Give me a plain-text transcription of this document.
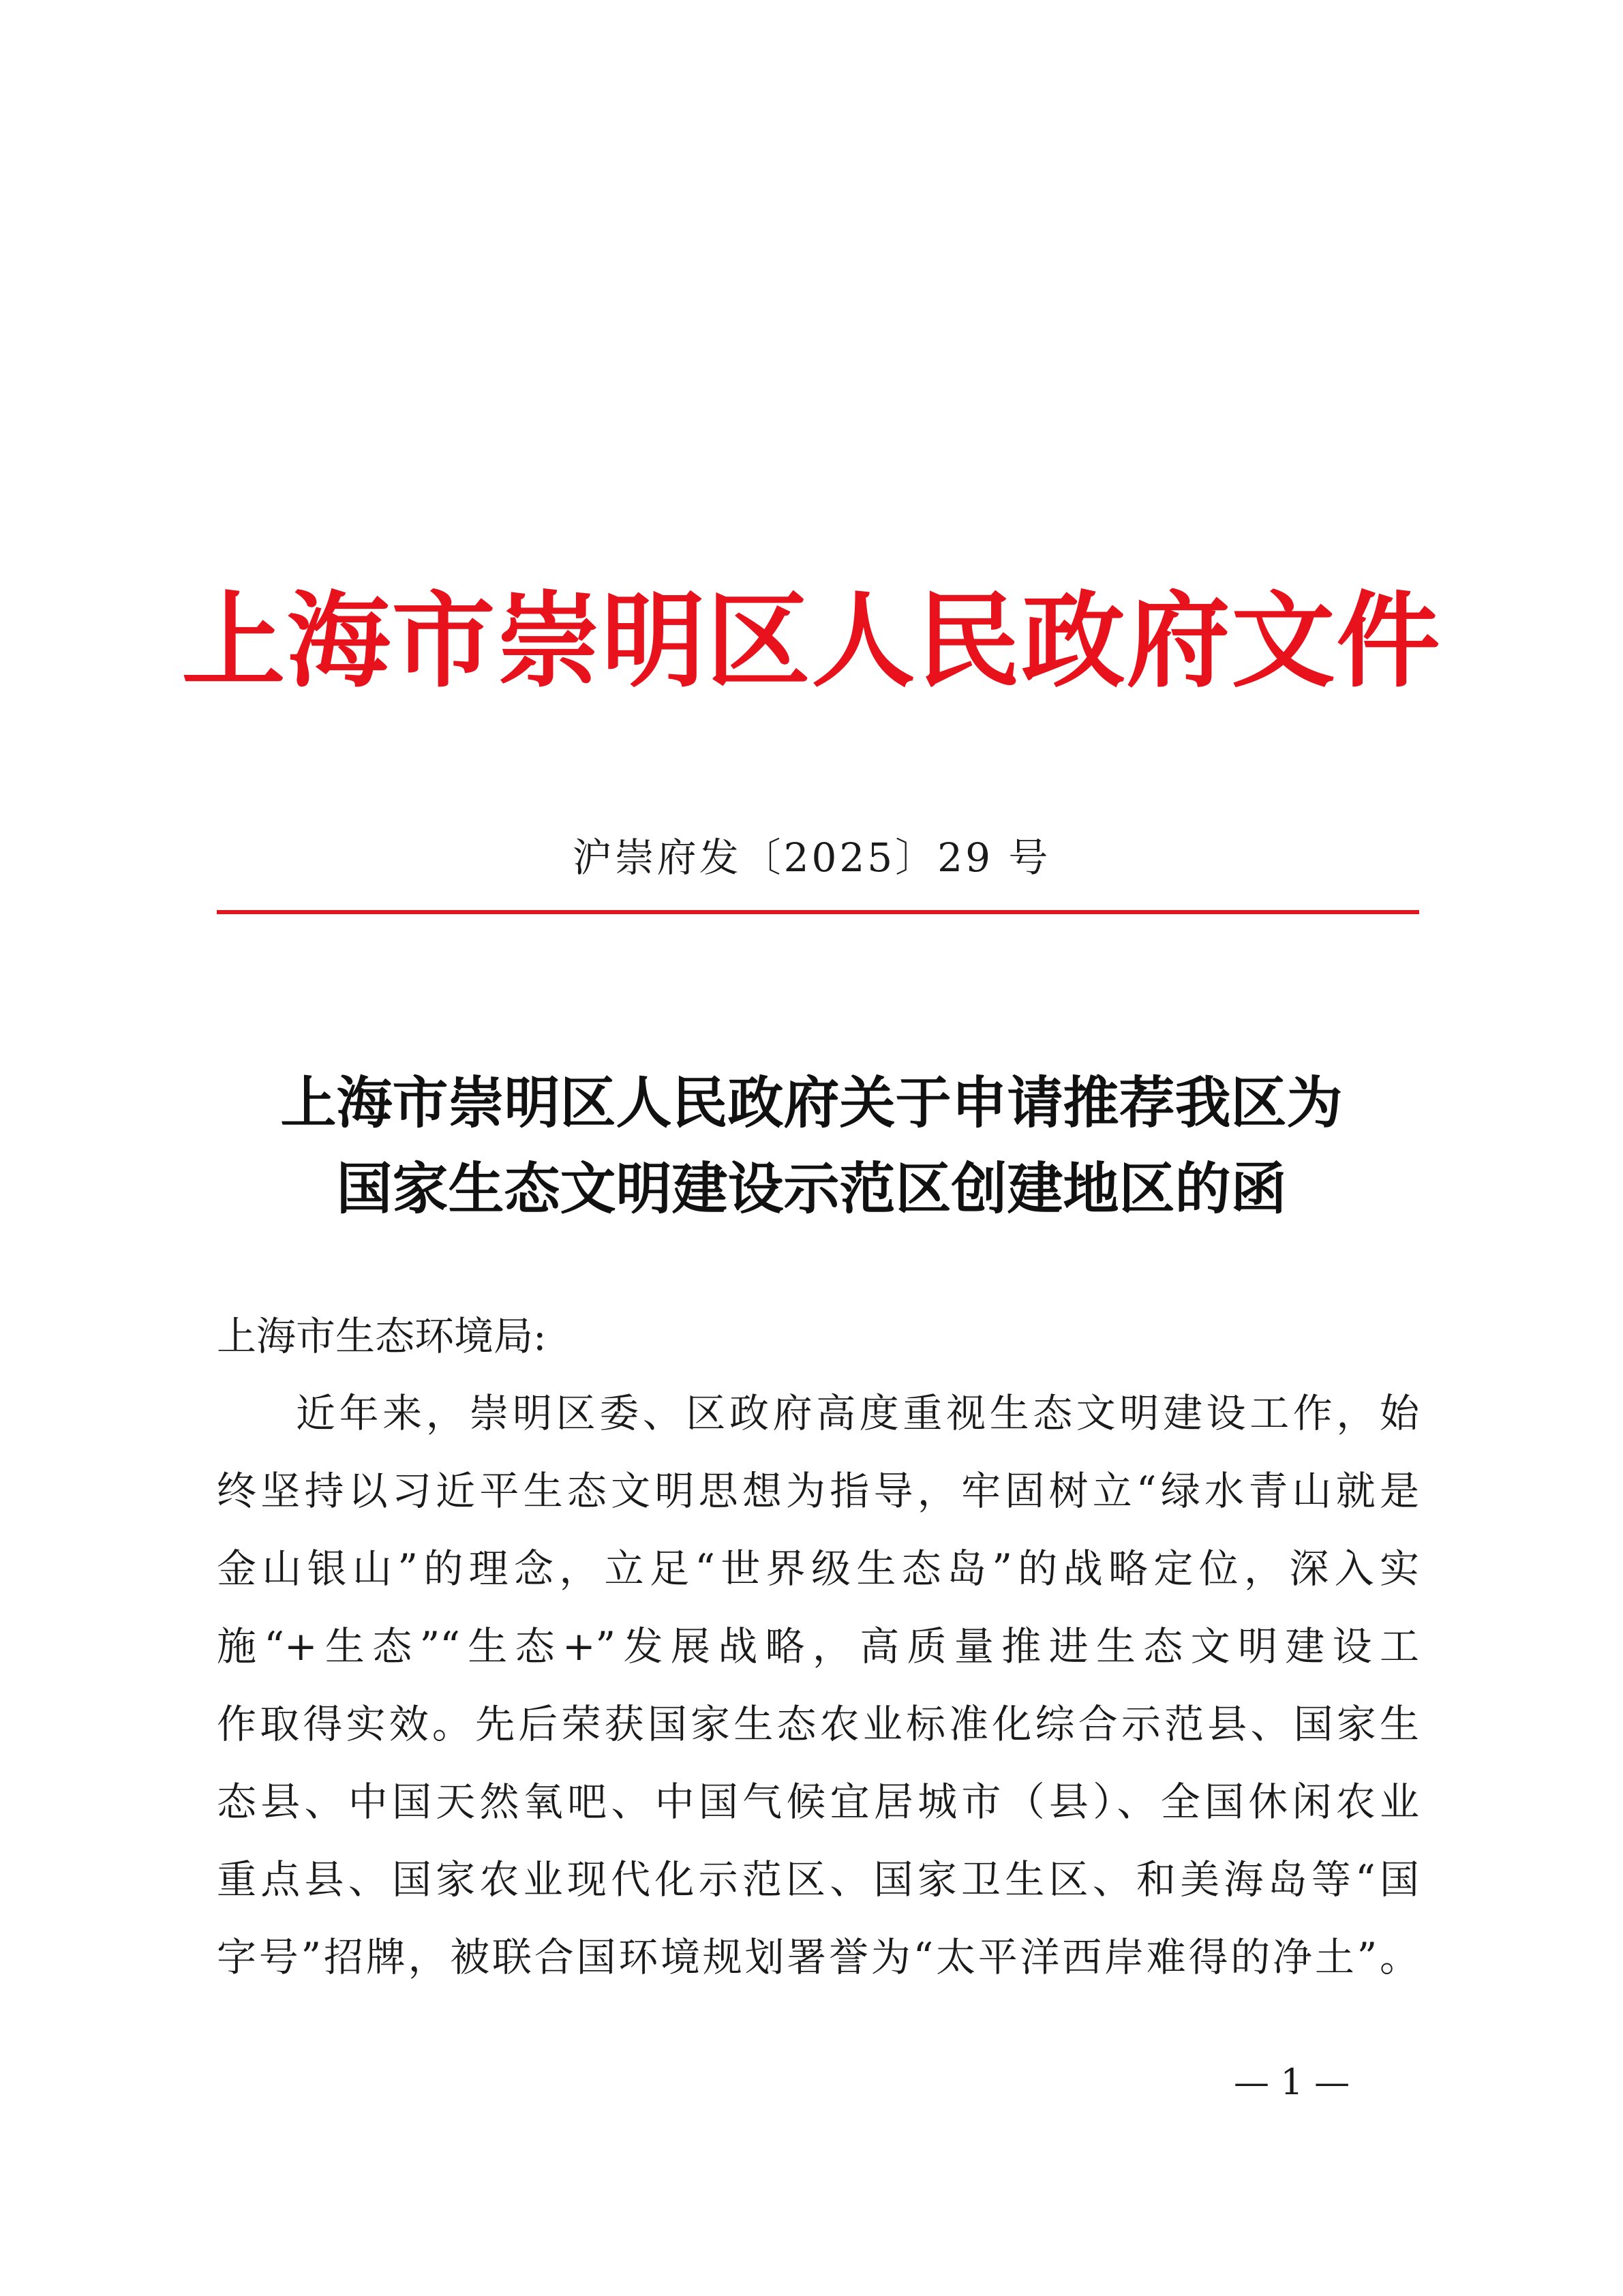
上海市崇明区人民政府文件
沪崇府发〔2025〕29 号
上海市崇明区人民政府关于申请推荐我区为
国家生态文明建设示范区创建地区的函
上海市生态环境局:
近年来，崇明区委、区政府高度重视生态文明建设工作，始
终坚持以习近平生态文明思想为指导，牢固树立“绿水青山就是
金山银山”的理念，立足“世界级生态岛”的战略定位，深入实
施“+生态”“生态+”发展战略，高质量推进生态文明建设工
作取得实效。先后荣获国家生态农业标准化综合示范县、国家生
态县、中国天然氧吧、中国气候宜居城市（县）、全国休闲农业
重点县、国家农业现代化示范区、国家卫生区、和美海岛等“国
字号”招牌，被联合国环境规划署誉为“太平洋西岸难得的净土”。
— 1 —
